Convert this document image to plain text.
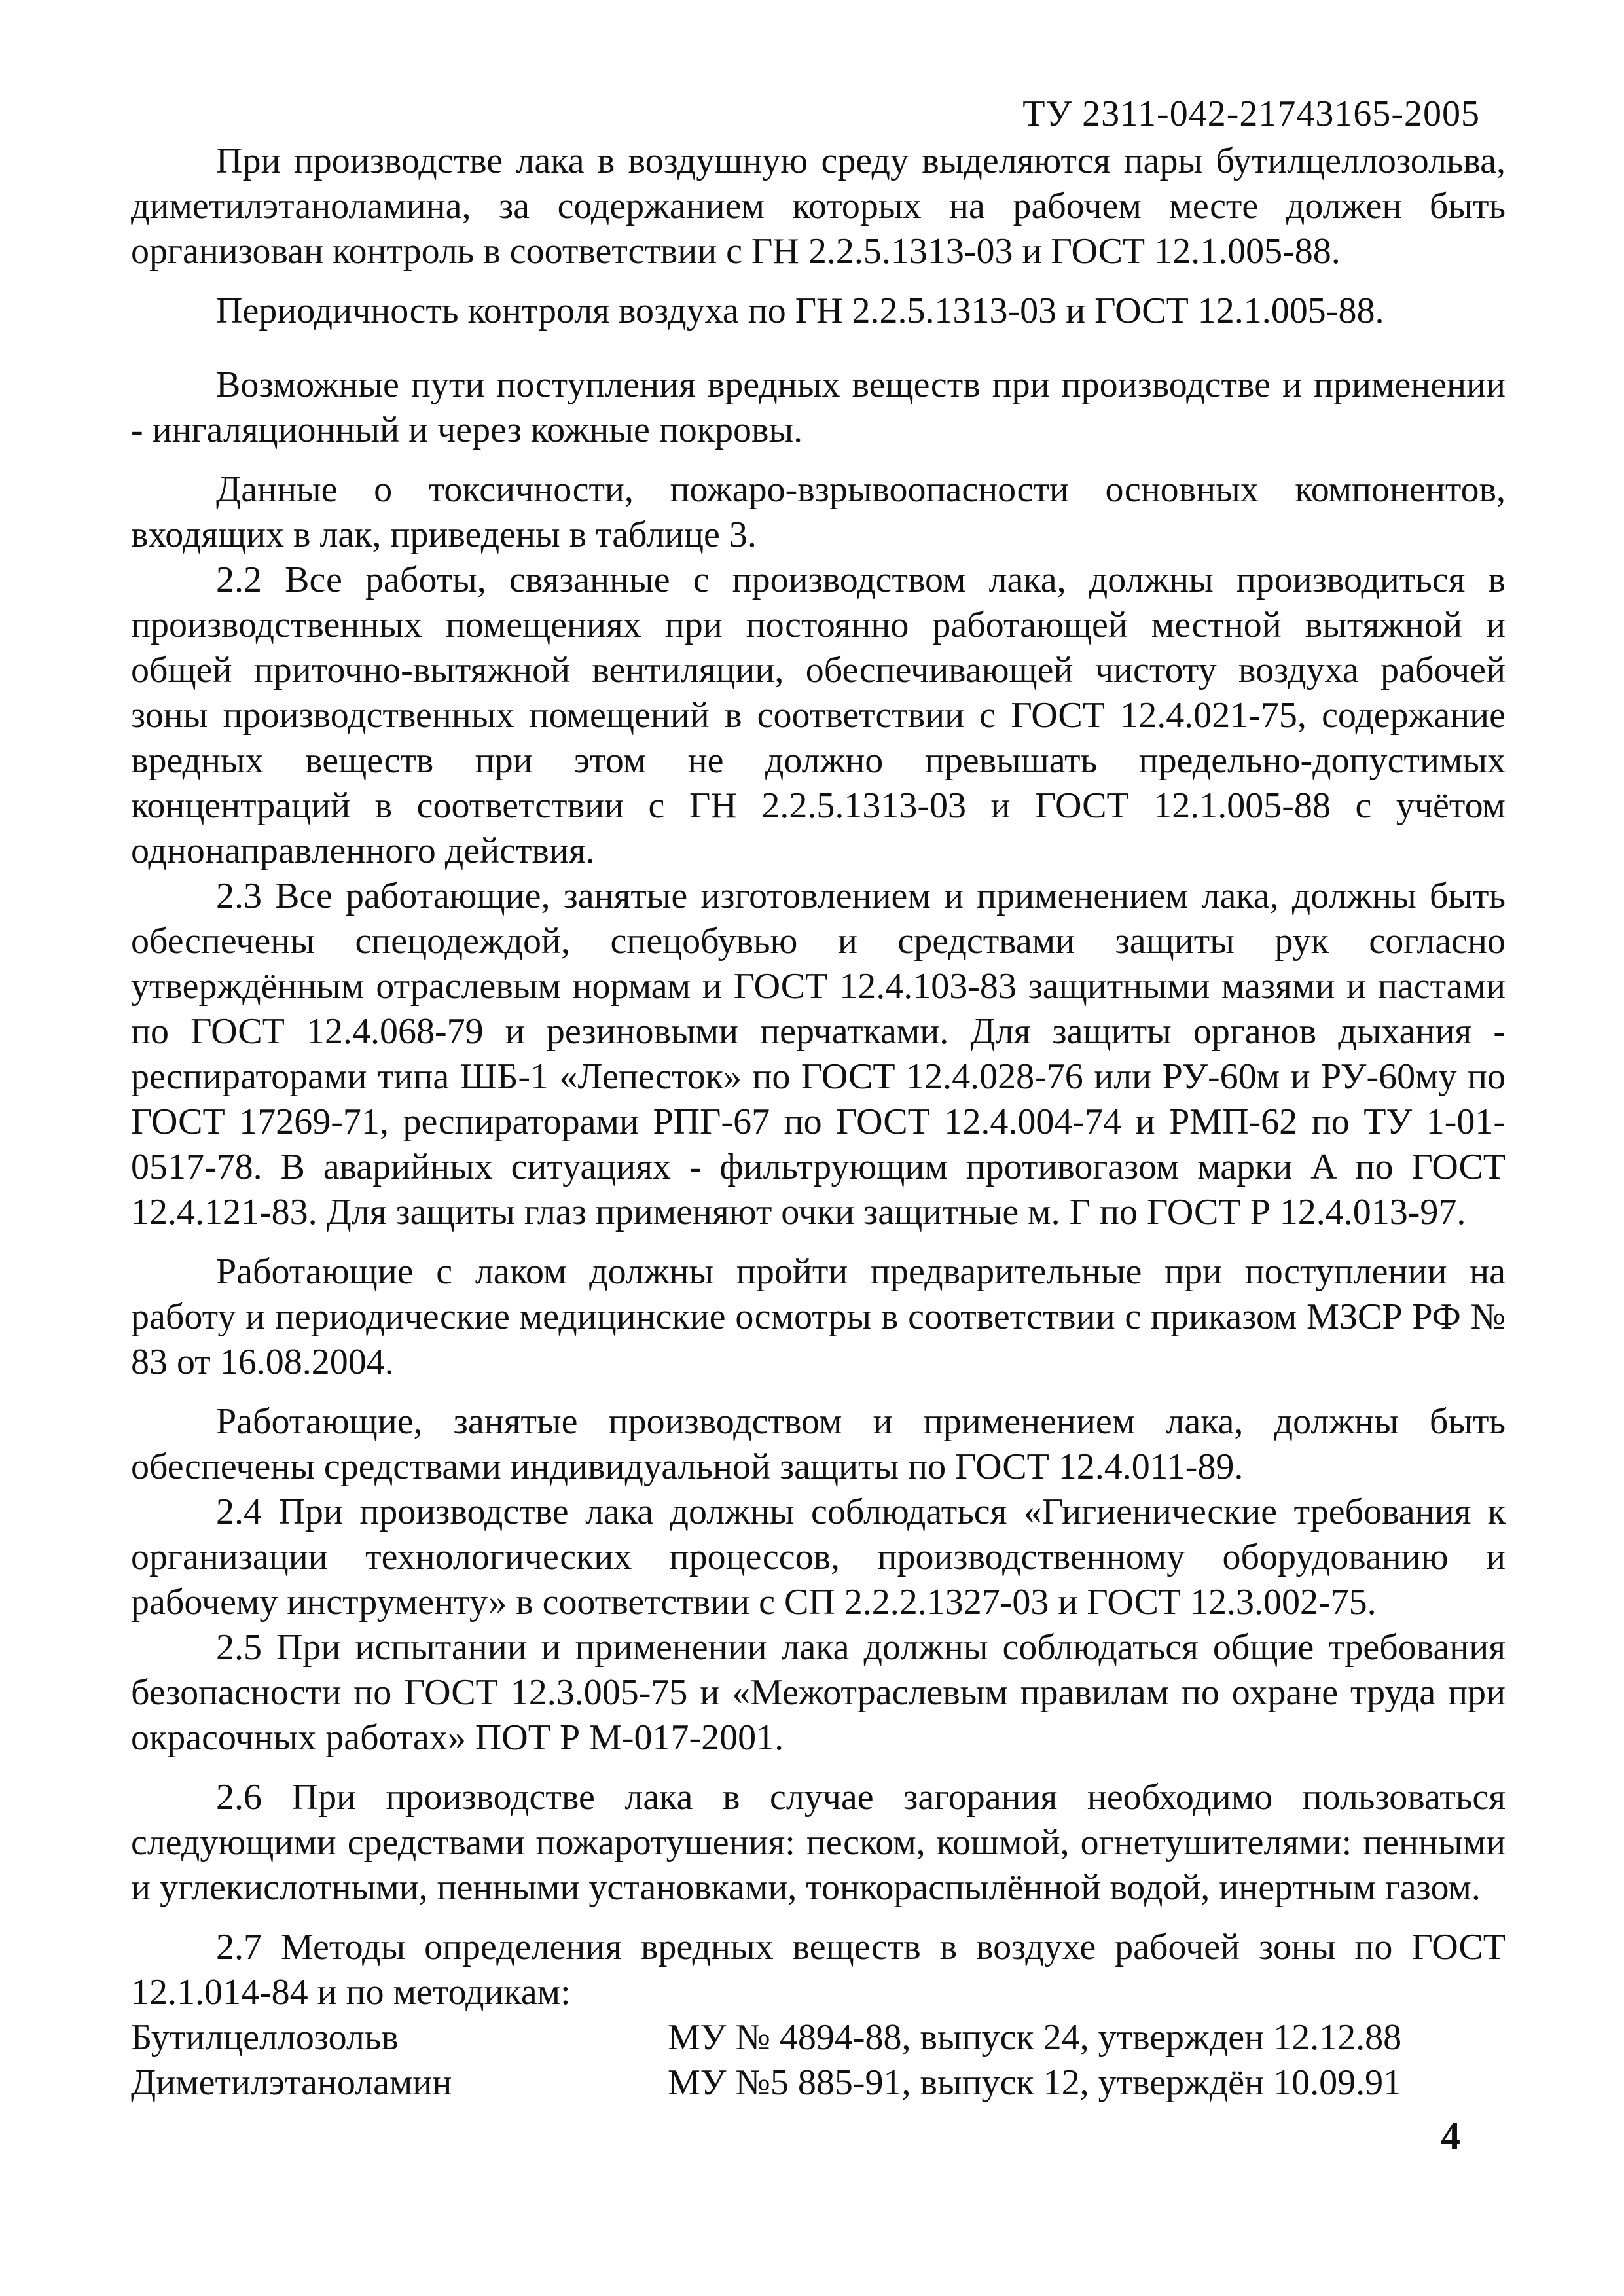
ТУ 2311-042-21743165-2005

При производстве лака в воздушную среду выделяются пары бутилцеллозольва, диметилэтаноламина, за содержанием которых на рабочем месте должен быть организован контроль в соответствии с ГН 2.2.5.1313-03 и ГОСТ 12.1.005-88.

Периодичность контроля воздуха по ГН 2.2.5.1313-03 и ГОСТ 12.1.005-88.

Возможные пути поступления вредных веществ при производстве и применении - ингаляционный и через кожные покровы.

Данные о токсичности, пожаро-взрывоопасности основных компонентов, входящих в лак, приведены в таблице 3.

2.2 Все работы, связанные с производством лака, должны производиться в производственных помещениях при постоянно работающей местной вытяжной и общей приточно-вытяжной вентиляции, обеспечивающей чистоту воздуха рабочей зоны производственных помещений в соответствии с ГОСТ 12.4.021-75, содержание вредных веществ при этом не должно превышать предельно-допустимых концентраций в соответствии с ГН 2.2.5.1313-03 и ГОСТ 12.1.005-88 с учётом однонаправленного действия.

2.3 Все работающие, занятые изготовлением и применением лака, должны быть обеспечены спецодеждой, спецобувью и средствами защиты рук согласно утверждённым отраслевым нормам и ГОСТ 12.4.103-83 защитными мазями и пастами по ГОСТ 12.4.068-79 и резиновыми перчатками. Для защиты органов дыхания - респираторами типа ШБ-1 «Лепесток» по ГОСТ 12.4.028-76 или РУ-60м и РУ-60му по ГОСТ 17269-71, респираторами РПГ-67 по ГОСТ 12.4.004-74 и РМП-62 по ТУ 1-01-0517-78. В аварийных ситуациях - фильтрующим противогазом марки А по ГОСТ 12.4.121-83. Для защиты глаз применяют очки защитные м. Г по ГОСТ Р 12.4.013-97.

Работающие с лаком должны пройти предварительные при поступлении на работу и периодические медицинские осмотры в соответствии с приказом МЗСР РФ № 83 от 16.08.2004.

Работающие, занятые производством и применением лака, должны быть обеспечены средствами индивидуальной защиты по ГОСТ 12.4.011-89.

2.4 При производстве лака должны соблюдаться «Гигиенические требования к организации технологических процессов, производственному оборудованию и рабочему инструменту» в соответствии с СП 2.2.2.1327-03 и ГОСТ 12.3.002-75.

2.5 При испытании и применении лака должны соблюдаться общие требования безопасности по ГОСТ 12.3.005-75 и «Межотраслевым правилам по охране труда при окрасочных работах» ПОТ Р М-017-2001.

2.6 При производстве лака в случае загорания необходимо пользоваться следующими средствами пожаротушения: песком, кошмой, огнетушителями: пенными и углекислотными, пенными установками, тонкораспылённой водой, инертным газом.

2.7 Методы определения вредных веществ в воздухе рабочей зоны по ГОСТ 12.1.014-84 и по методикам:

Бутилцеллозольв	МУ № 4894-88, выпуск 24, утвержден 12.12.88
Диметилэтаноламин	МУ №5 885-91, выпуск 12, утверждён 10.09.91
4
